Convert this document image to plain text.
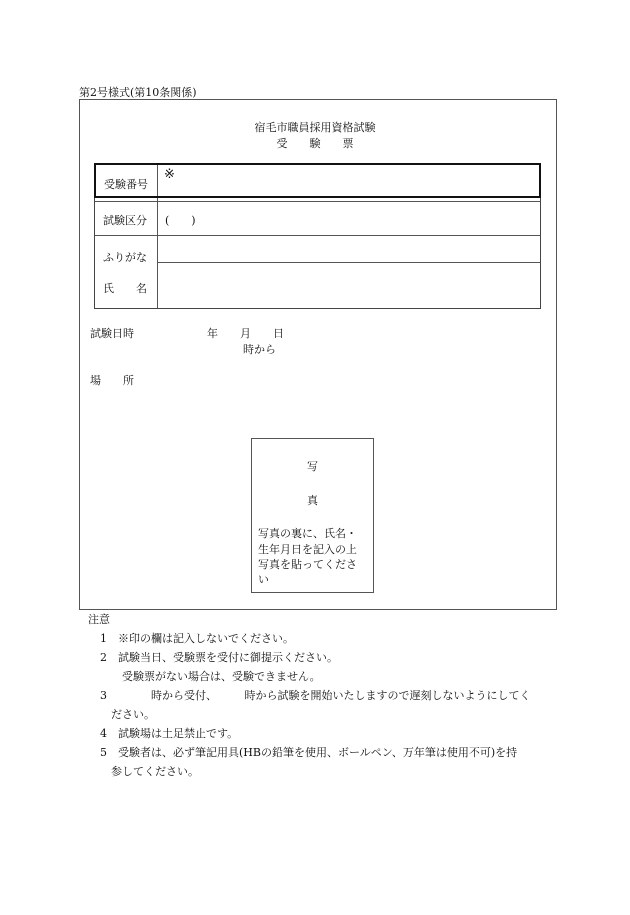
第2号様式(第10条関係)
宿毛市職員採用資格試験
受　　験　　票
受験番号
※
試験区分 (　　)
ふりがな
氏　　名
試験日時	年　　月　　日
時から
場　　所
写
真
写真の裏に、氏名・
生年月日を記入の上
写真を貼ってくださ
い
注意
1　※印の欄は記入しないでください。
2　試験当日、受験票を受付に御提示ください。
　　受験票がない場合は、受験できません。
3　　　　時から受付、　　　時から試験を開始いたしますので遅刻しないようにしてく
　ださい。
4　試験場は土足禁止です。
5　受験者は、必ず筆記用具(HBの鉛筆を使用、ボールペン、万年筆は使用不可)を持
　参してください。
